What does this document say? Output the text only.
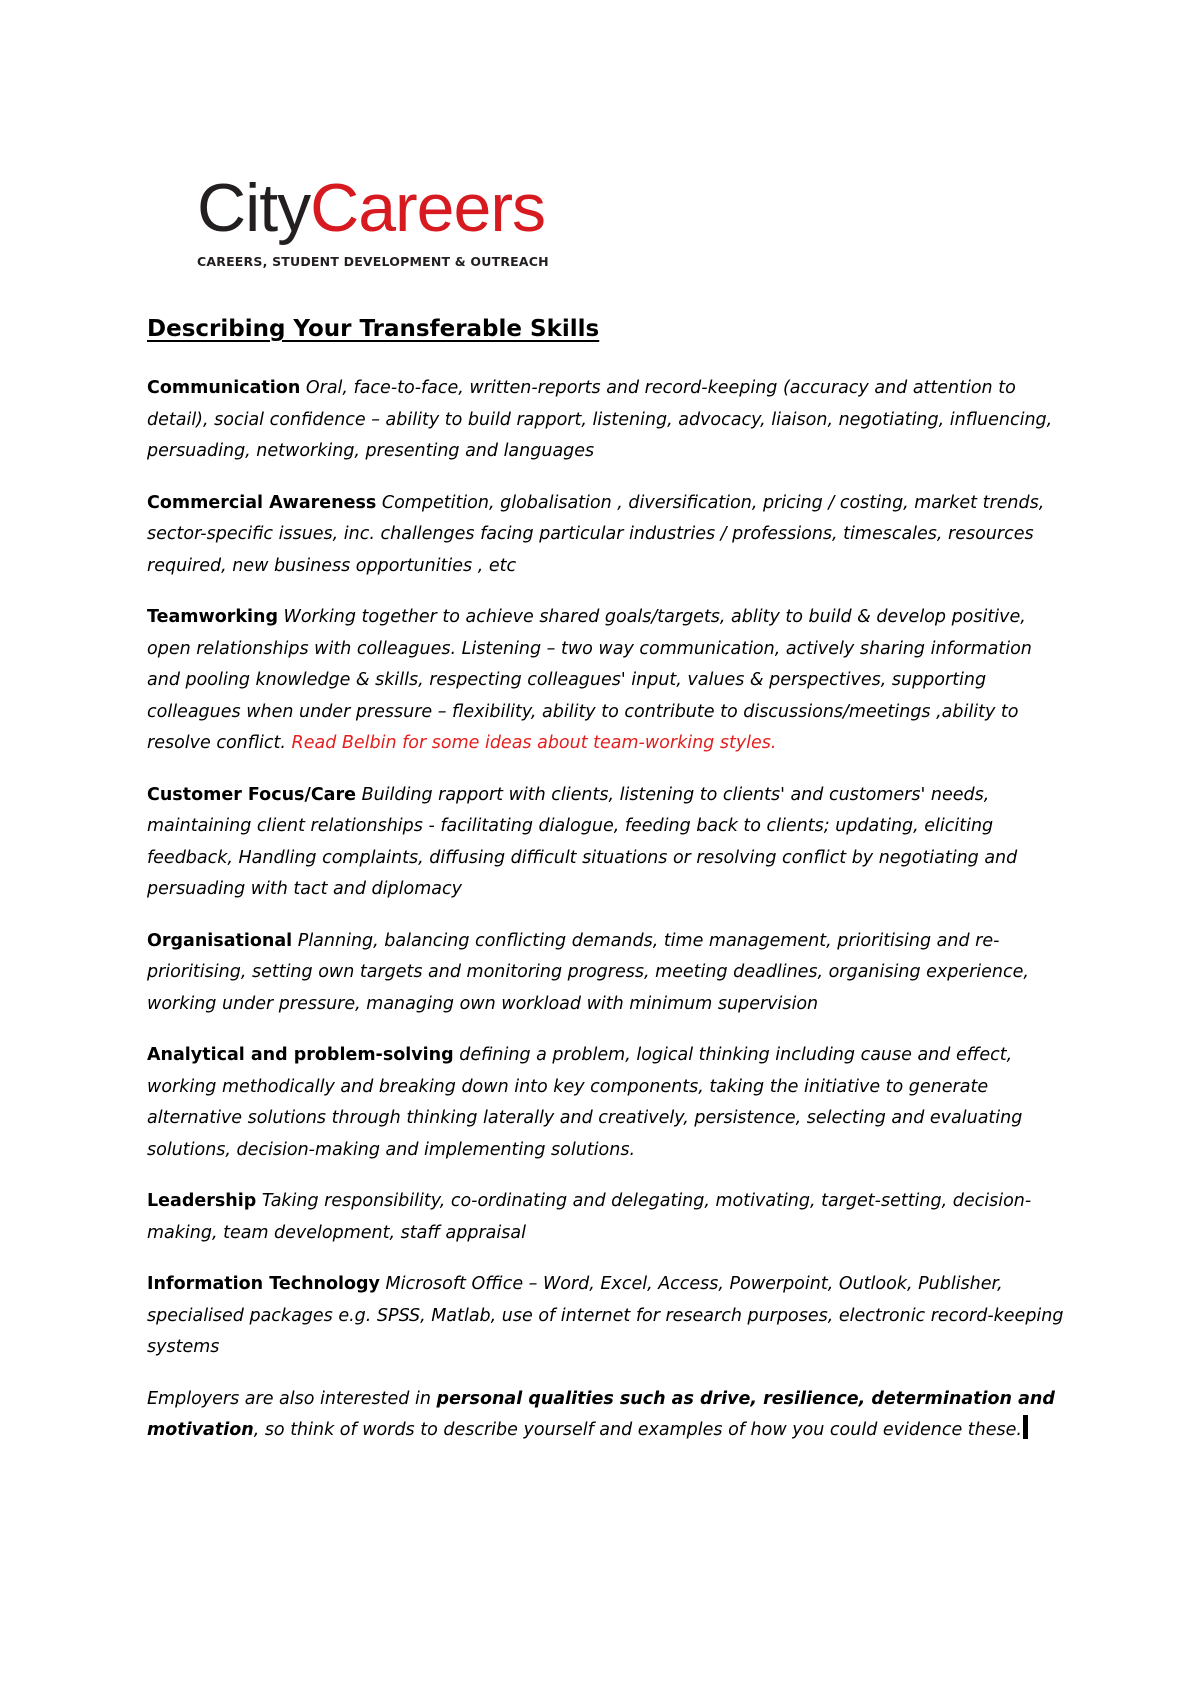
CityCareers

CAREERS, STUDENT DEVELOPMENT & OUTREACH
Describing Your Transferable Skills

Communication Oral, face-to-face, written-reports and record-keeping (accuracy and attention to detail), social confidence – ability to build rapport, listening, advocacy, liaison, negotiating, influencing, persuading, networking, presenting and languages

Commercial Awareness Competition, globalisation , diversification, pricing / costing, market trends, sector-specific issues, inc. challenges facing particular industries / professions, timescales, resources required, new business opportunities , etc

Teamworking Working together to achieve shared goals/targets, ablity to build & develop positive, open relationships with colleagues. Listening – two way communication, actively sharing information and pooling knowledge & skills, respecting colleagues' input, values & perspectives, supporting colleagues when under pressure – flexibility, ability to contribute to discussions/meetings ,ability to resolve conflict. Read Belbin for some ideas about team-working styles.

Customer Focus/Care Building rapport with clients, listening to clients' and customers' needs, maintaining client relationships - facilitating dialogue, feeding back to clients; updating, eliciting feedback, Handling complaints, diffusing difficult situations or resolving conflict by negotiating and persuading with tact and diplomacy

Organisational Planning, balancing conflicting demands, time management, prioritising and re-prioritising, setting own targets and monitoring progress, meeting deadlines, organising experience, working under pressure, managing own workload with minimum supervision

Analytical and problem-solving defining a problem, logical thinking including cause and effect, working methodically and breaking down into key components, taking the initiative to generate alternative solutions through thinking laterally and creatively, persistence, selecting and evaluating solutions, decision-making and implementing solutions.

Leadership Taking responsibility, co-ordinating and delegating, motivating, target-setting, decision-making, team development, staff appraisal

Information Technology Microsoft Office – Word, Excel, Access, Powerpoint, Outlook, Publisher, specialised packages e.g. SPSS, Matlab, use of internet for research purposes, electronic record-keeping systems

Employers are also interested in personal qualities such as drive, resilience, determination and motivation, so think of words to describe yourself and examples of how you could evidence these.
